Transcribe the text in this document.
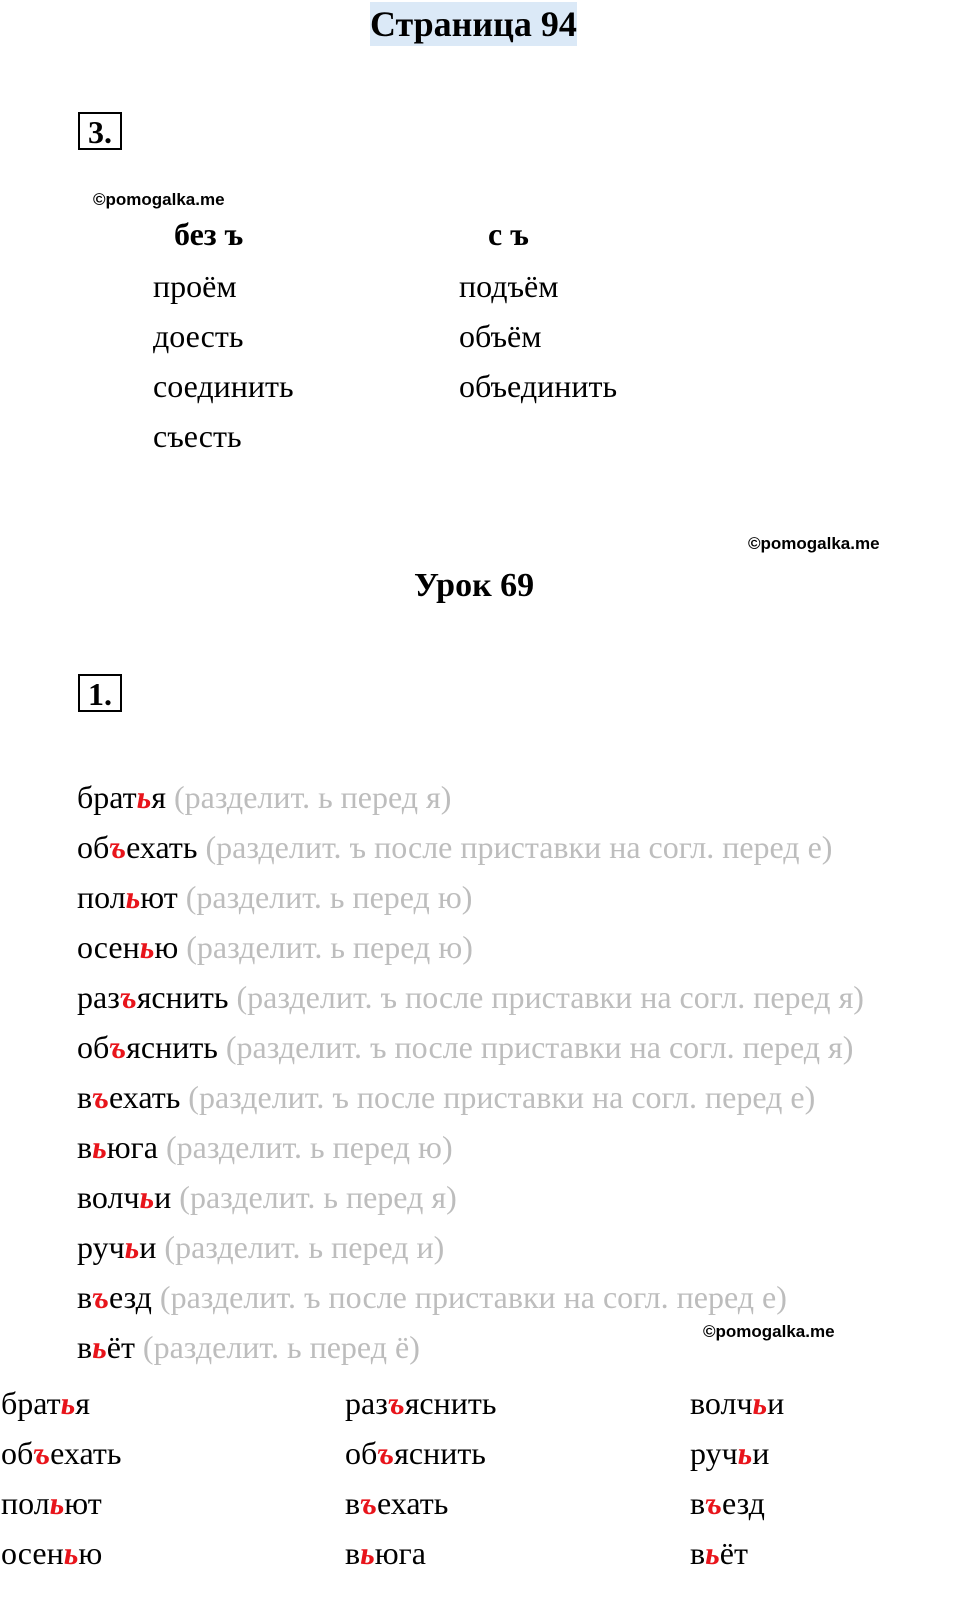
Страница 94
3.
©pomogalka.me
без ъ	с ъ
проём
доесть
соединить
съесть
подъём
объём
объединить
©pomogalka.me
Урок 69
1.
братья (разделит. ь перед я)
объехать (разделит. ъ после приставки на согл. перед е)
польют (разделит. ь перед ю)
осенью (разделит. ь перед ю)
разъяснить (разделит. ъ после приставки на согл. перед я)
объяснить (разделит. ъ после приставки на согл. перед я)
въехать (разделит. ъ после приставки на согл. перед е)
вьюга (разделит. ь перед ю)
волчьи (разделит. ь перед я)
ручьи (разделит. ь перед и)
въезд (разделит. ъ после приставки на согл. перед е)
вьёт (разделит. ь перед ё)	©pomogalka.me
братья
объехать
польют
осенью
разъяснить
объяснить
въехать
вьюга
волчьи
ручьи
въезд
вьёт
